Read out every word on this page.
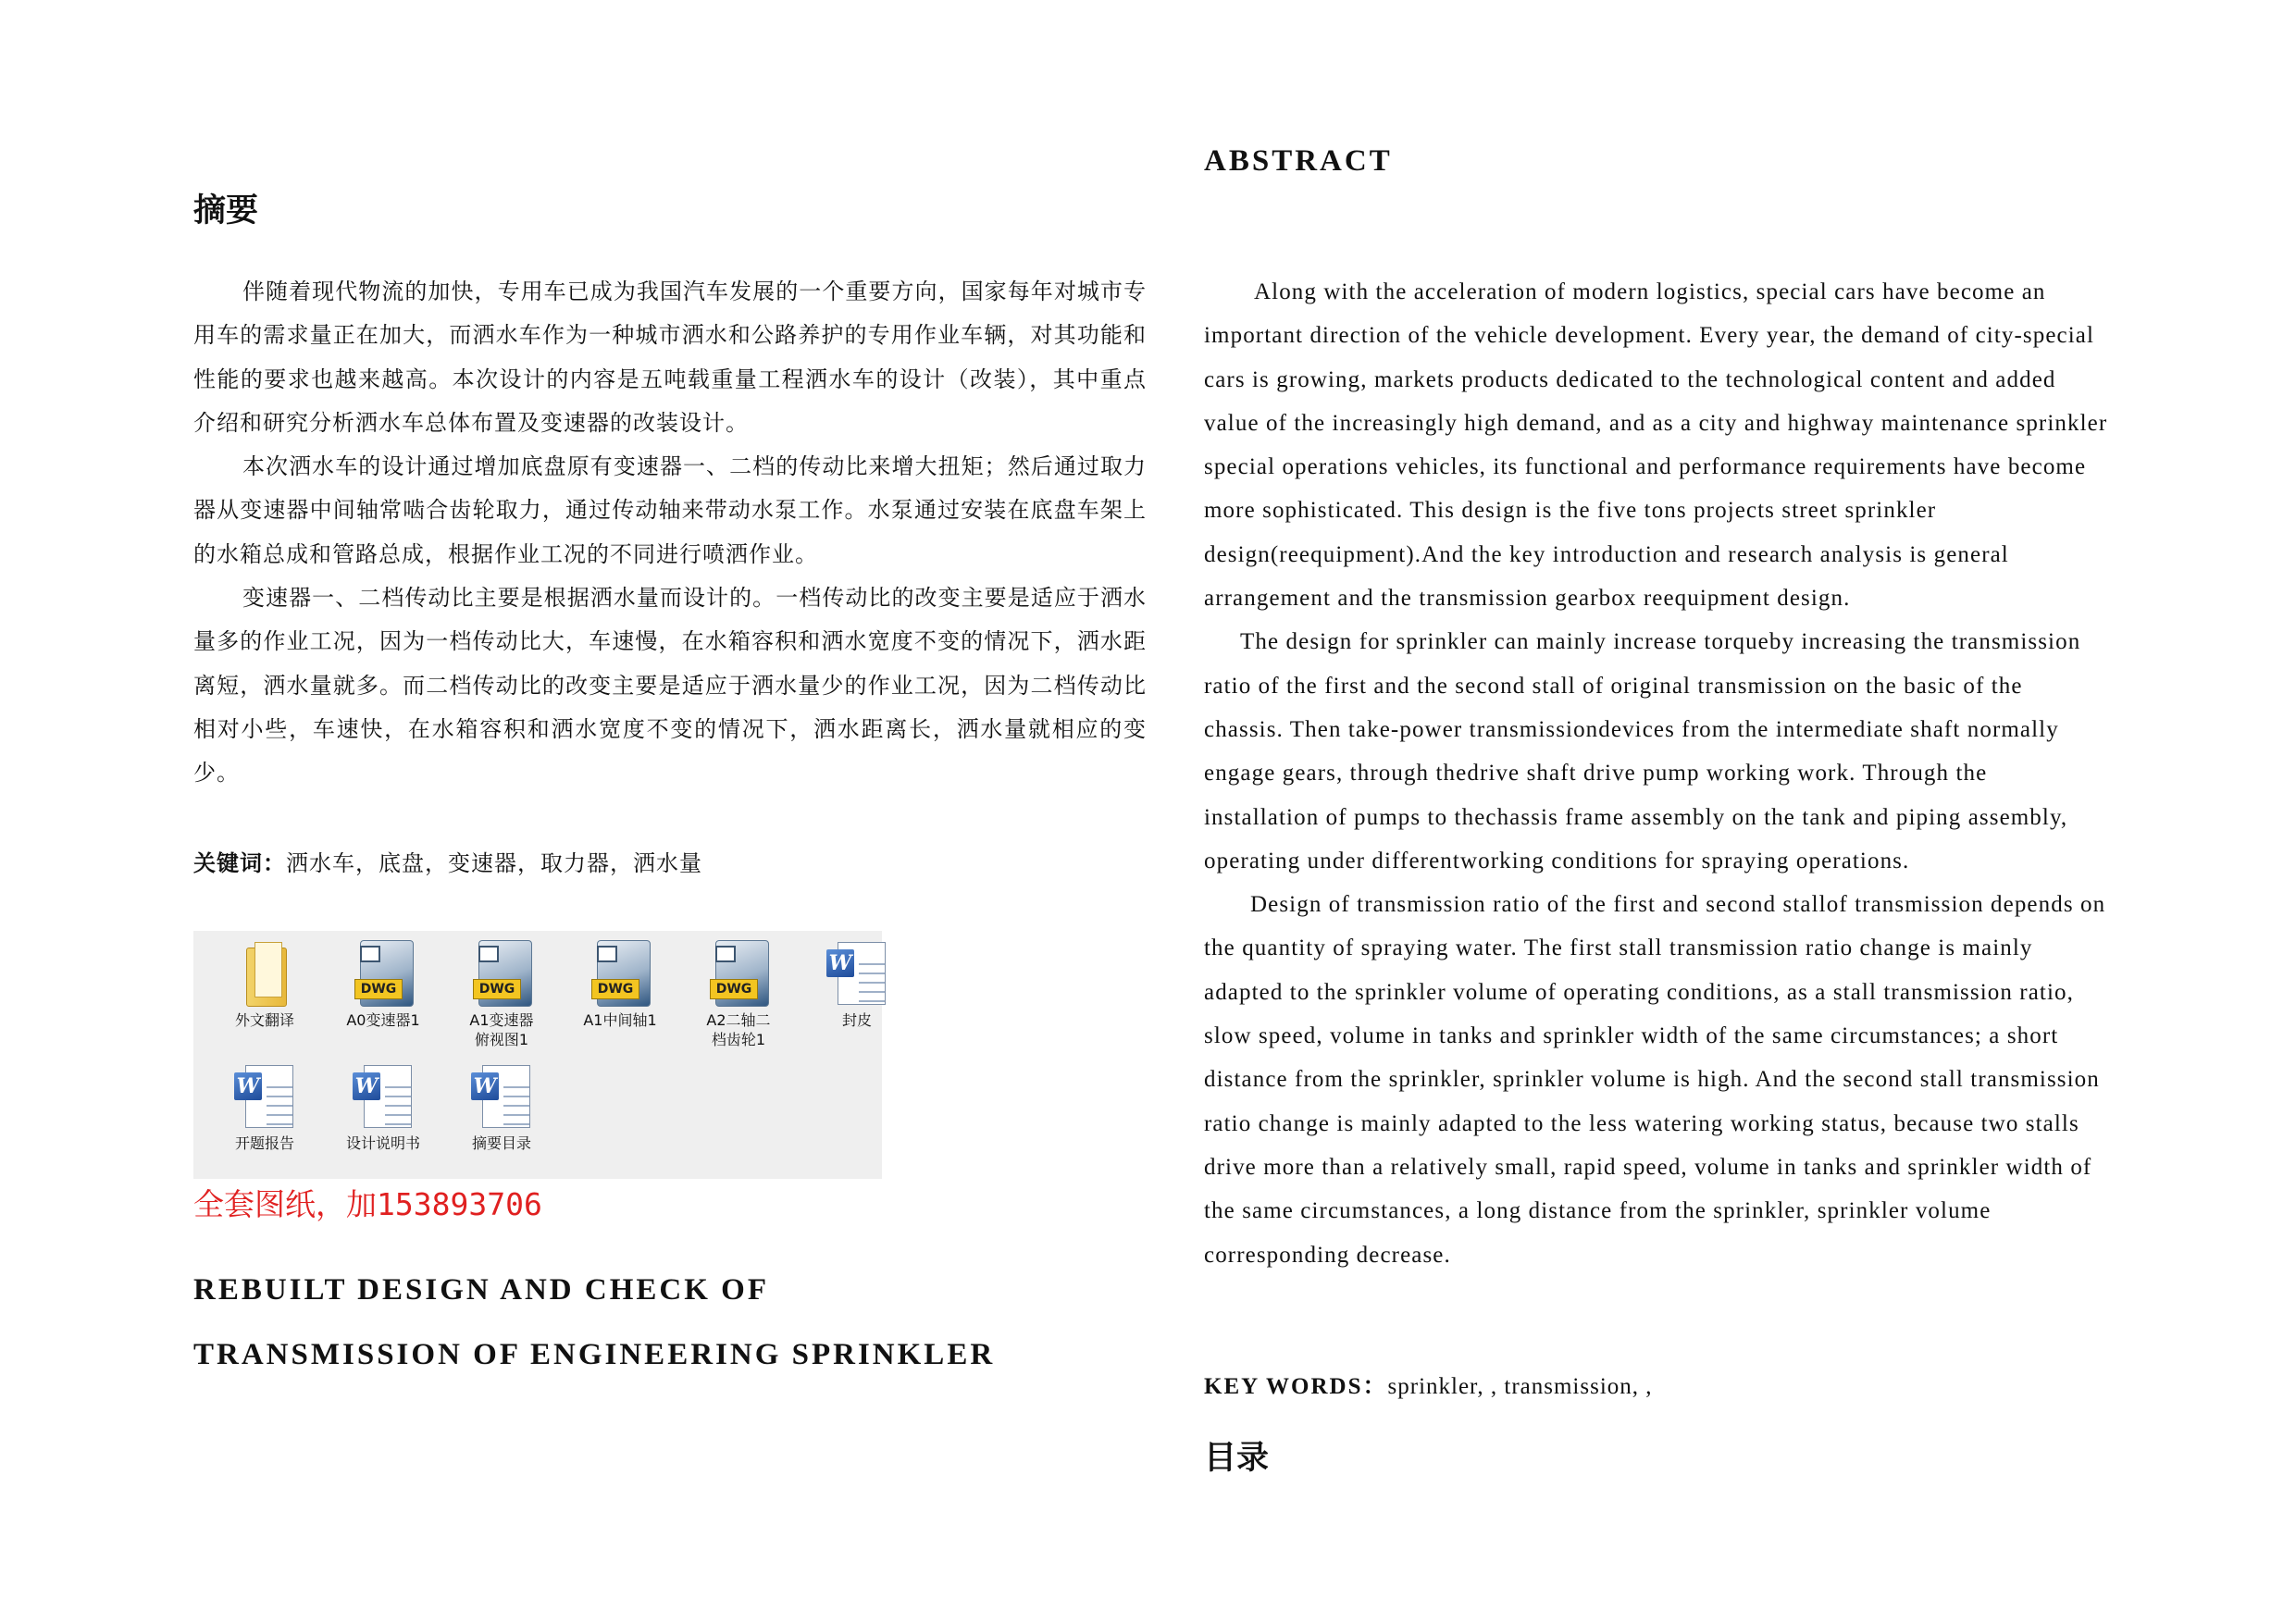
摘要

伴随着现代物流的加快，专用车已成为我国汽车发展的一个重要方向，国家每年对城市专用车的需求量正在加大，而洒水车作为一种城市洒水和公路养护的专用作业车辆，对其功能和性能的要求也越来越高。本次设计的内容是五吨载重量工程洒水车的设计（改装），其中重点介绍和研究分析洒水车总体布置及变速器的改装设计。

本次洒水车的设计通过增加底盘原有变速器一、二档的传动比来增大扭矩；然后通过取力器从变速器中间轴常啮合齿轮取力，通过传动轴来带动水泵工作。水泵通过安装在底盘车架上的水箱总成和管路总成，根据作业工况的不同进行喷洒作业。

变速器一、二档传动比主要是根据洒水量而设计的。一档传动比的改变主要是适应于洒水量多的作业工况，因为一档传动比大，车速慢，在水箱容积和洒水宽度不变的情况下，洒水距离短，洒水量就多。而二档传动比的改变主要是适应于洒水量少的作业工况，因为二档传动比相对小些，车速快，在水箱容积和洒水宽度不变的情况下，洒水距离长，洒水量就相应的变少。

关键词：洒水车，底盘，变速器，取力器，洒水量
外文翻译
DWG
A0变速器1
DWG
A1变速器
俯视图1
DWG
A1中间轴1
DWG
A2二轴二
档齿轮1
W
封皮
W
开题报告
W
设计说明书
W
摘要目录
全套图纸，加153893706
REBUILT DESIGN AND CHECK OF
TRANSMISSION OF ENGINEERING SPRINKLER
ABSTRACT

Along with the acceleration of modern logistics, special cars have become an

important direction of the vehicle development. Every year, the demand of city-special

cars is growing, markets products dedicated to the technological content and added

value of the increasingly high demand, and as a city and highway maintenance sprinkler

special operations vehicles, its functional and performance requirements have become

more sophisticated. This design is the five tons projects street sprinkler

design(reequipment).And the key introduction and research analysis is general

arrangement and the transmission gearbox reequipment design.

The design for sprinkler can mainly increase torqueby increasing the transmission

ratio of the first and the second stall of original transmission on the basic of the

chassis. Then take-power transmissiondevices from the intermediate shaft normally

engage gears, through thedrive shaft drive pump working work. Through the

installation of pumps to thechassis frame assembly on the tank and piping assembly,

operating under differentworking conditions for spraying operations.

Design of transmission ratio of the first and second stallof transmission depends on

the quantity of spraying water. The first stall transmission ratio change is mainly

adapted to the sprinkler volume of operating conditions, as a stall transmission ratio,

slow speed, volume in tanks and sprinkler width of the same circumstances; a short

distance from the sprinkler, sprinkler volume is high. And the second stall transmission

ratio change is mainly adapted to the less watering working status, because two stalls

drive more than a relatively small, rapid speed, volume in tanks and sprinkler width of

the same circumstances, a long distance from the sprinkler, sprinkler volume

corresponding decrease.

KEY WORDS：sprinkler, , transmission, ,
目录
